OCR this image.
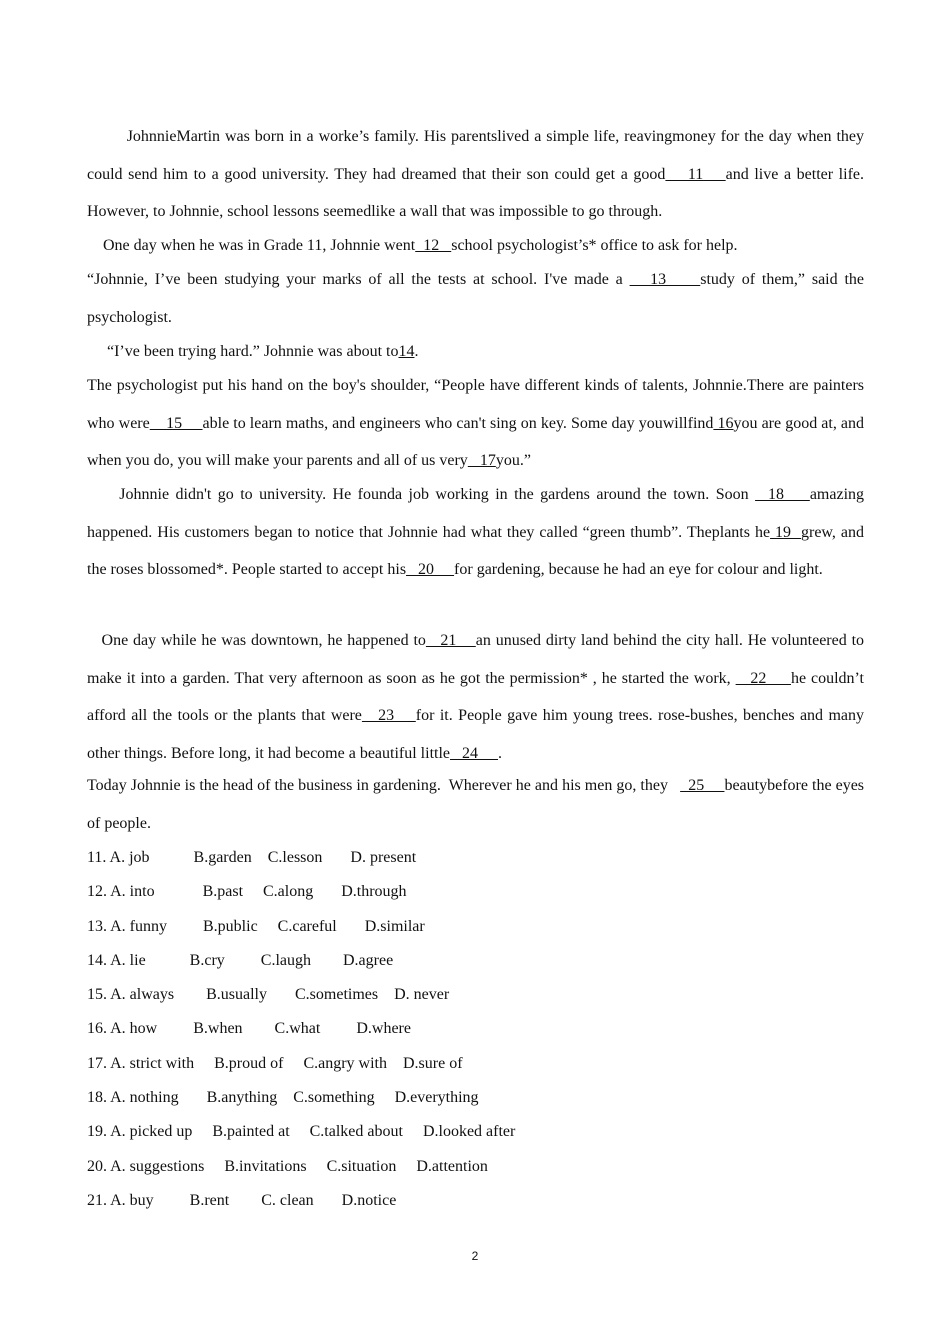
JohnnieMartin was born in a worke’s family. His parentslived a simple life, reavingmoney for the day when they could send him to a good university. They had dreamed that their son could get a good    11    and live a better life. However, to Johnnie, school lessons seemedlike a wall that was impossible to go through.

One day when he was in Grade 11, Johnnie went  12   school psychologist’s* office to ask for help.

“Johnnie, I’ve been studying your marks of all the tests at school. I've made a    13     study of them,” said the psychologist.

“I’ve been trying hard.” Johnnie was about to14.

The psychologist put his hand on the boy's shoulder, “People have different kinds of talents, Johnnie.There are painters who were    15     able to learn maths, and engineers who can't sing on key. Some day youwillfind 16you are good at, and when you do, you will make your parents and all of us very   17you.”

Johnnie didn't go to university. He founda job working in the gardens around the town. Soon   18    amazing happened. His customers began to notice that Johnnie had what they called “green thumb”. Theplants he 19  grew, and the roses blossomed*. People started to accept his   20     for gardening, because he had an eye for colour and light.

One day while he was downtown, he happened to   21    an unused dirty land behind the city hall. He volunteered to make it into a garden. That very afternoon as soon as he got the permission* , he started the work,    22     he couldn’t afford all the tools or the plants that were   23    for it. People gave him young trees. rose-bushes, benches and many other things. Before long, it had become a beautiful little   24     .

Today Johnnie is the head of the business in gardening.  Wherever he and his men go, they     25     beautybefore the eyes of people.

11. A. job           B.garden    C.lesson       D. present
12. A. into            B.past     C.along       D.through
13. A. funny         B.public     C.careful       D.similar
14. A. lie           B.cry         C.laugh        D.agree
15. A. always        B.usually       C.sometimes    D. never
16. A. how         B.when        C.what         D.where
17. A. strict with     B.proud of     C.angry with    D.sure of
18. A. nothing       B.anything    C.something     D.everything
19. A. picked up     B.painted at     C.talked about     D.looked after
20. A. suggestions     B.invitations     C.situation     D.attention
21. A. buy         B.rent        C. clean       D.notice
2
